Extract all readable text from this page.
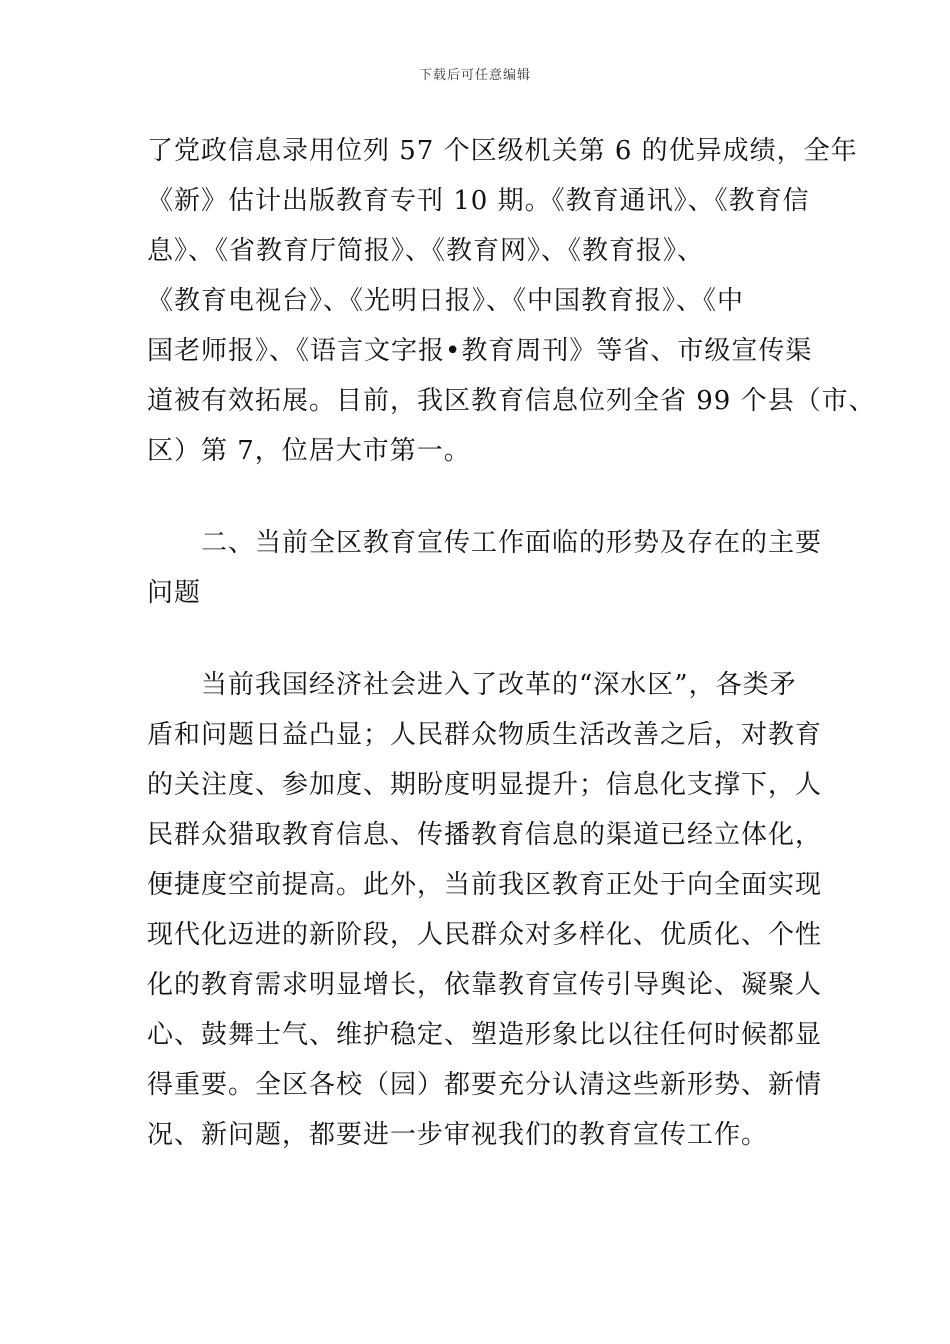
下载后可任意编辑
了党政信息录用位列 57 个区级机关第 6 的优异成绩，全年
《新》估计出版教育专刊 10 期。《教育通讯》、《教育信
息》、《省教育厅简报》、《教育网》、《教育报》、
《教育电视台》、《光明日报》、《中国教育报》、《中
国老师报》、《语言文字报•教育周刊》等省、市级宣传渠
道被有效拓展。目前，我区教育信息位列全省 99 个县（市、
区）第 7，位居大市第一。
　　二、当前全区教育宣传工作面临的形势及存在的主要
问题
　　当前我国经济社会进入了改革的“深水区”，各类矛
盾和问题日益凸显；人民群众物质生活改善之后，对教育
的关注度、参加度、期盼度明显提升；信息化支撑下，人
民群众猎取教育信息、传播教育信息的渠道已经立体化，
便捷度空前提高。此外，当前我区教育正处于向全面实现
现代化迈进的新阶段，人民群众对多样化、优质化、个性
化的教育需求明显增长，依靠教育宣传引导舆论、凝聚人
心、鼓舞士气、维护稳定、塑造形象比以往任何时候都显
得重要。全区各校（园）都要充分认清这些新形势、新情
况、新问题，都要进一步审视我们的教育宣传工作。
